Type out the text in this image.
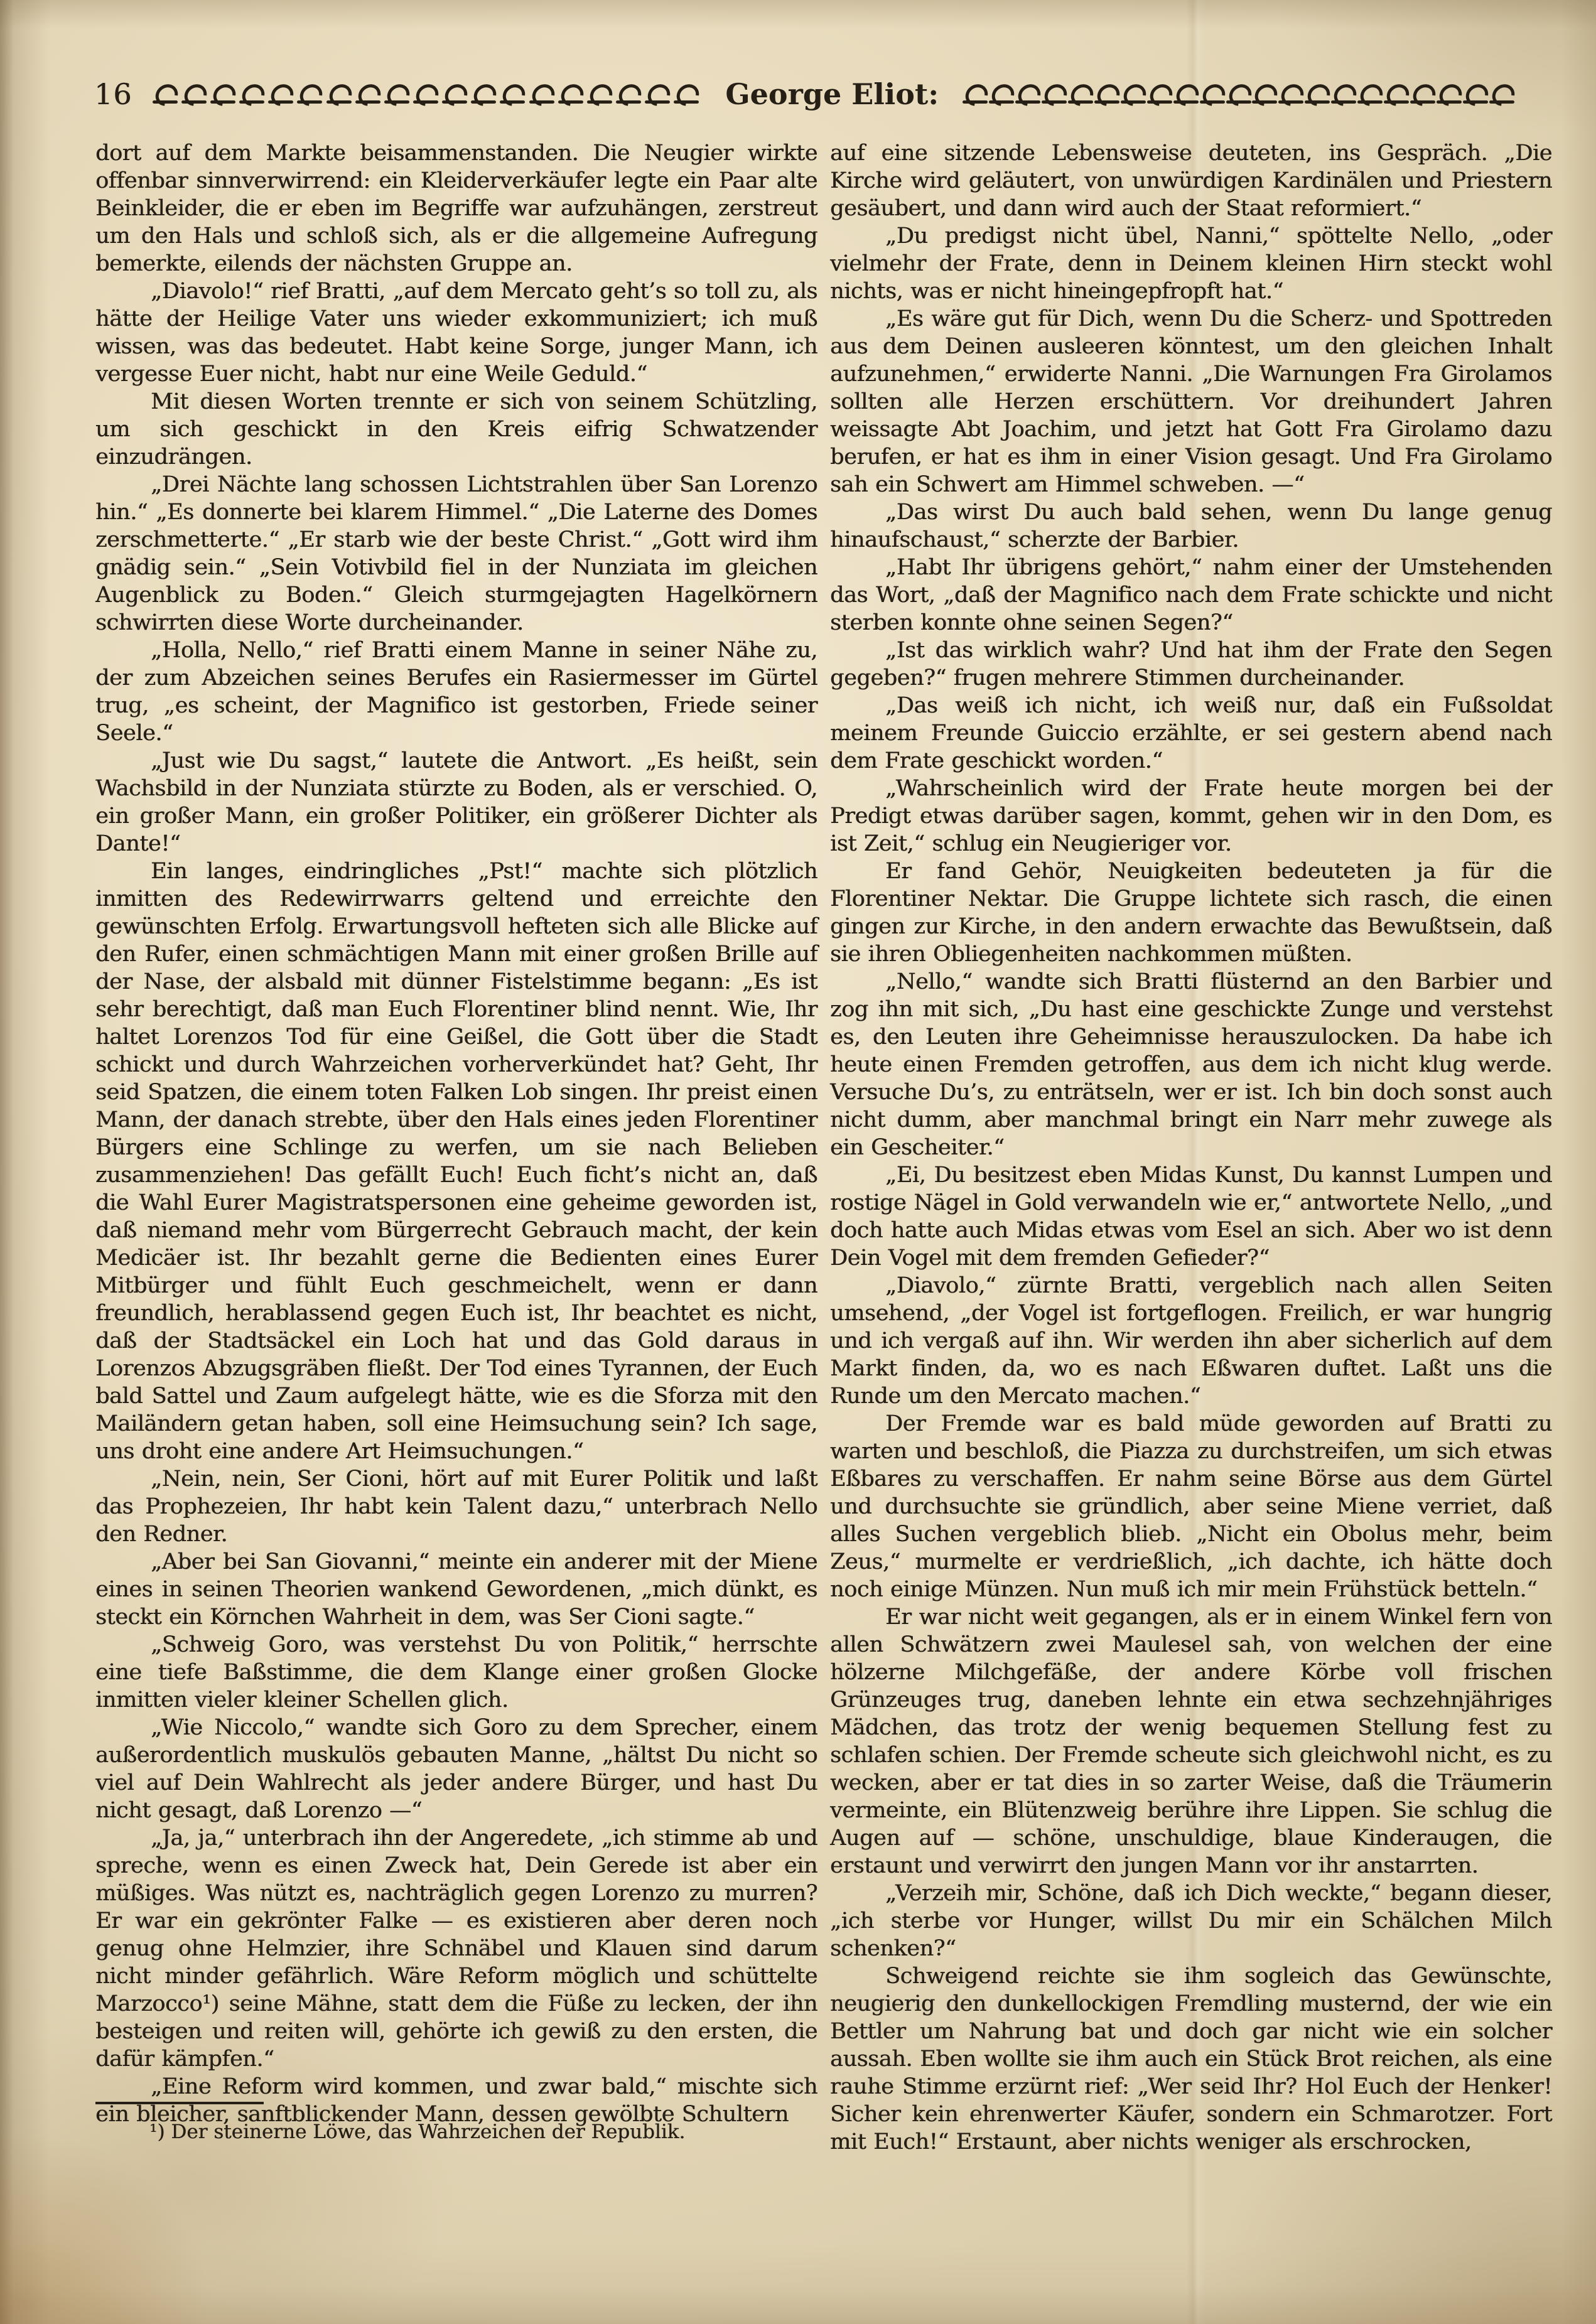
16	George Eliot:

dort auf dem Markte beisammenstanden. Die Neugier wirkte offenbar sinnverwirrend: ein Kleiderverkäufer legte ein Paar alte Beinkleider, die er eben im Begriffe war aufzuhängen, zerstreut um den Hals und schloß sich, als er die allgemeine Aufregung bemerkte, eilends der nächsten Gruppe an.

„Diavolo!“ rief Bratti, „auf dem Mercato geht’s so toll zu, als hätte der Heilige Vater uns wieder exkommuniziert; ich muß wissen, was das bedeutet. Habt keine Sorge, junger Mann, ich vergesse Euer nicht, habt nur eine Weile Geduld.“

Mit diesen Worten trennte er sich von seinem Schützling, um sich geschickt in den Kreis eifrig Schwatzender einzudrängen.

„Drei Nächte lang schossen Lichtstrahlen über San Lorenzo hin.“ „Es donnerte bei klarem Himmel.“ „Die Laterne des Domes zerschmetterte.“ „Er starb wie der beste Christ.“ „Gott wird ihm gnädig sein.“ „Sein Votivbild fiel in der Nunziata im gleichen Augenblick zu Boden.“ Gleich sturmgejagten Hagelkörnern schwirrten diese Worte durcheinander.

„Holla, Nello,“ rief Bratti einem Manne in seiner Nähe zu, der zum Abzeichen seines Berufes ein Rasiermesser im Gürtel trug, „es scheint, der Magnifico ist gestorben, Friede seiner Seele.“

„Just wie Du sagst,“ lautete die Antwort. „Es heißt, sein Wachsbild in der Nunziata stürzte zu Boden, als er verschied. O, ein großer Mann, ein großer Politiker, ein größerer Dichter als Dante!“

Ein langes, eindringliches „Pst!“ machte sich plötzlich inmitten des Redewirrwarrs geltend und erreichte den gewünschten Erfolg. Erwartungsvoll hefteten sich alle Blicke auf den Rufer, einen schmächtigen Mann mit einer großen Brille auf der Nase, der alsbald mit dünner Fistelstimme begann: „Es ist sehr berechtigt, daß man Euch Florentiner blind nennt. Wie, Ihr haltet Lorenzos Tod für eine Geißel, die Gott über die Stadt schickt und durch Wahrzeichen vorherverkündet hat? Geht, Ihr seid Spatzen, die einem toten Falken Lob singen. Ihr preist einen Mann, der danach strebte, über den Hals eines jeden Florentiner Bürgers eine Schlinge zu werfen, um sie nach Belieben zusammenziehen! Das gefällt Euch! Euch ficht’s nicht an, daß die Wahl Eurer Magistratspersonen eine geheime geworden ist, daß niemand mehr vom Bürgerrecht Gebrauch macht, der kein Medicäer ist. Ihr bezahlt gerne die Bedienten eines Eurer Mitbürger und fühlt Euch geschmeichelt, wenn er dann freundlich, herablassend gegen Euch ist, Ihr beachtet es nicht, daß der Stadtsäckel ein Loch hat und das Gold daraus in Lorenzos Abzugsgräben fließt. Der Tod eines Tyrannen, der Euch bald Sattel und Zaum aufgelegt hätte, wie es die Sforza mit den Mailändern getan haben, soll eine Heimsuchung sein? Ich sage, uns droht eine andere Art Heimsuchungen.“

„Nein, nein, Ser Cioni, hört auf mit Eurer Politik und laßt das Prophezeien, Ihr habt kein Talent dazu,“ unterbrach Nello den Redner.

„Aber bei San Giovanni,“ meinte ein anderer mit der Miene eines in seinen Theorien wankend Gewordenen, „mich dünkt, es steckt ein Körnchen Wahrheit in dem, was Ser Cioni sagte.“

„Schweig Goro, was verstehst Du von Politik,“ herrschte eine tiefe Baßstimme, die dem Klange einer großen Glocke inmitten vieler kleiner Schellen glich.

„Wie Niccolo,“ wandte sich Goro zu dem Sprecher, einem außerordentlich muskulös gebauten Manne, „hältst Du nicht so viel auf Dein Wahlrecht als jeder andere Bürger, und hast Du nicht gesagt, daß Lorenzo —“

„Ja, ja,“ unterbrach ihn der Angeredete, „ich stimme ab und spreche, wenn es einen Zweck hat, Dein Gerede ist aber ein müßiges. Was nützt es, nachträglich gegen Lorenzo zu murren? Er war ein gekrönter Falke — es existieren aber deren noch genug ohne Helmzier, ihre Schnäbel und Klauen sind darum nicht minder gefährlich. Wäre Reform möglich und schüttelte Marzocco¹) seine Mähne, statt dem die Füße zu lecken, der ihn besteigen und reiten will, gehörte ich gewiß zu den ersten, die dafür kämpfen.“

„Eine Reform wird kommen, und zwar bald,“ mischte sich ein bleicher, sanftblickender Mann, dessen gewölbte Schultern

¹) Der steinerne Löwe, das Wahrzeichen der Republik.

auf eine sitzende Lebensweise deuteten, ins Gespräch. „Die Kirche wird geläutert, von unwürdigen Kardinälen und Priestern gesäubert, und dann wird auch der Staat reformiert.“

„Du predigst nicht übel, Nanni,“ spöttelte Nello, „oder vielmehr der Frate, denn in Deinem kleinen Hirn steckt wohl nichts, was er nicht hineingepfropft hat.“

„Es wäre gut für Dich, wenn Du die Scherz- und Spottreden aus dem Deinen ausleeren könntest, um den gleichen Inhalt aufzunehmen,“ erwiderte Nanni. „Die Warnungen Fra Girolamos sollten alle Herzen erschüttern. Vor dreihundert Jahren weissagte Abt Joachim, und jetzt hat Gott Fra Girolamo dazu berufen, er hat es ihm in einer Vision gesagt. Und Fra Girolamo sah ein Schwert am Himmel schweben. —“

„Das wirst Du auch bald sehen, wenn Du lange genug hinaufschaust,“ scherzte der Barbier.

„Habt Ihr übrigens gehört,“ nahm einer der Umstehenden das Wort, „daß der Magnifico nach dem Frate schickte und nicht sterben konnte ohne seinen Segen?“

„Ist das wirklich wahr? Und hat ihm der Frate den Segen gegeben?“ frugen mehrere Stimmen durcheinander.

„Das weiß ich nicht, ich weiß nur, daß ein Fußsoldat meinem Freunde Guiccio erzählte, er sei gestern abend nach dem Frate geschickt worden.“

„Wahrscheinlich wird der Frate heute morgen bei der Predigt etwas darüber sagen, kommt, gehen wir in den Dom, es ist Zeit,“ schlug ein Neugieriger vor.

Er fand Gehör, Neuigkeiten bedeuteten ja für die Florentiner Nektar. Die Gruppe lichtete sich rasch, die einen gingen zur Kirche, in den andern erwachte das Bewußtsein, daß sie ihren Obliegenheiten nachkommen müßten.

„Nello,“ wandte sich Bratti flüsternd an den Barbier und zog ihn mit sich, „Du hast eine geschickte Zunge und verstehst es, den Leuten ihre Geheimnisse herauszulocken. Da habe ich heute einen Fremden getroffen, aus dem ich nicht klug werde. Versuche Du’s, zu enträtseln, wer er ist. Ich bin doch sonst auch nicht dumm, aber manchmal bringt ein Narr mehr zuwege als ein Gescheiter.“

„Ei, Du besitzest eben Midas Kunst, Du kannst Lumpen und rostige Nägel in Gold verwandeln wie er,“ antwortete Nello, „und doch hatte auch Midas etwas vom Esel an sich. Aber wo ist denn Dein Vogel mit dem fremden Gefieder?“

„Diavolo,“ zürnte Bratti, vergeblich nach allen Seiten umsehend, „der Vogel ist fortgeflogen. Freilich, er war hungrig und ich vergaß auf ihn. Wir werden ihn aber sicherlich auf dem Markt finden, da, wo es nach Eßwaren duftet. Laßt uns die Runde um den Mercato machen.“

Der Fremde war es bald müde geworden auf Bratti zu warten und beschloß, die Piazza zu durchstreifen, um sich etwas Eßbares zu verschaffen. Er nahm seine Börse aus dem Gürtel und durchsuchte sie gründlich, aber seine Miene verriet, daß alles Suchen vergeblich blieb. „Nicht ein Obolus mehr, beim Zeus,“ murmelte er verdrießlich, „ich dachte, ich hätte doch noch einige Münzen. Nun muß ich mir mein Frühstück betteln.“

Er war nicht weit gegangen, als er in einem Winkel fern von allen Schwätzern zwei Maulesel sah, von welchen der eine hölzerne Milchgefäße, der andere Körbe voll frischen Grünzeuges trug, daneben lehnte ein etwa sechzehnjähriges Mädchen, das trotz der wenig bequemen Stellung fest zu schlafen schien. Der Fremde scheute sich gleichwohl nicht, es zu wecken, aber er tat dies in so zarter Weise, daß die Träumerin vermeinte, ein Blütenzweig berühre ihre Lippen. Sie schlug die Augen auf — schöne, unschuldige, blaue Kinderaugen, die erstaunt und verwirrt den jungen Mann vor ihr anstarrten.

„Verzeih mir, Schöne, daß ich Dich weckte,“ begann dieser, „ich sterbe vor Hunger, willst Du mir ein Schälchen Milch schenken?“

Schweigend reichte sie ihm sogleich das Gewünschte, neugierig den dunkellockigen Fremdling musternd, der wie ein Bettler um Nahrung bat und doch gar nicht wie ein solcher aussah. Eben wollte sie ihm auch ein Stück Brot reichen, als eine rauhe Stimme erzürnt rief: „Wer seid Ihr? Hol Euch der Henker! Sicher kein ehrenwerter Käufer, sondern ein Schmarotzer. Fort mit Euch!“ Erstaunt, aber nichts weniger als erschrocken,
